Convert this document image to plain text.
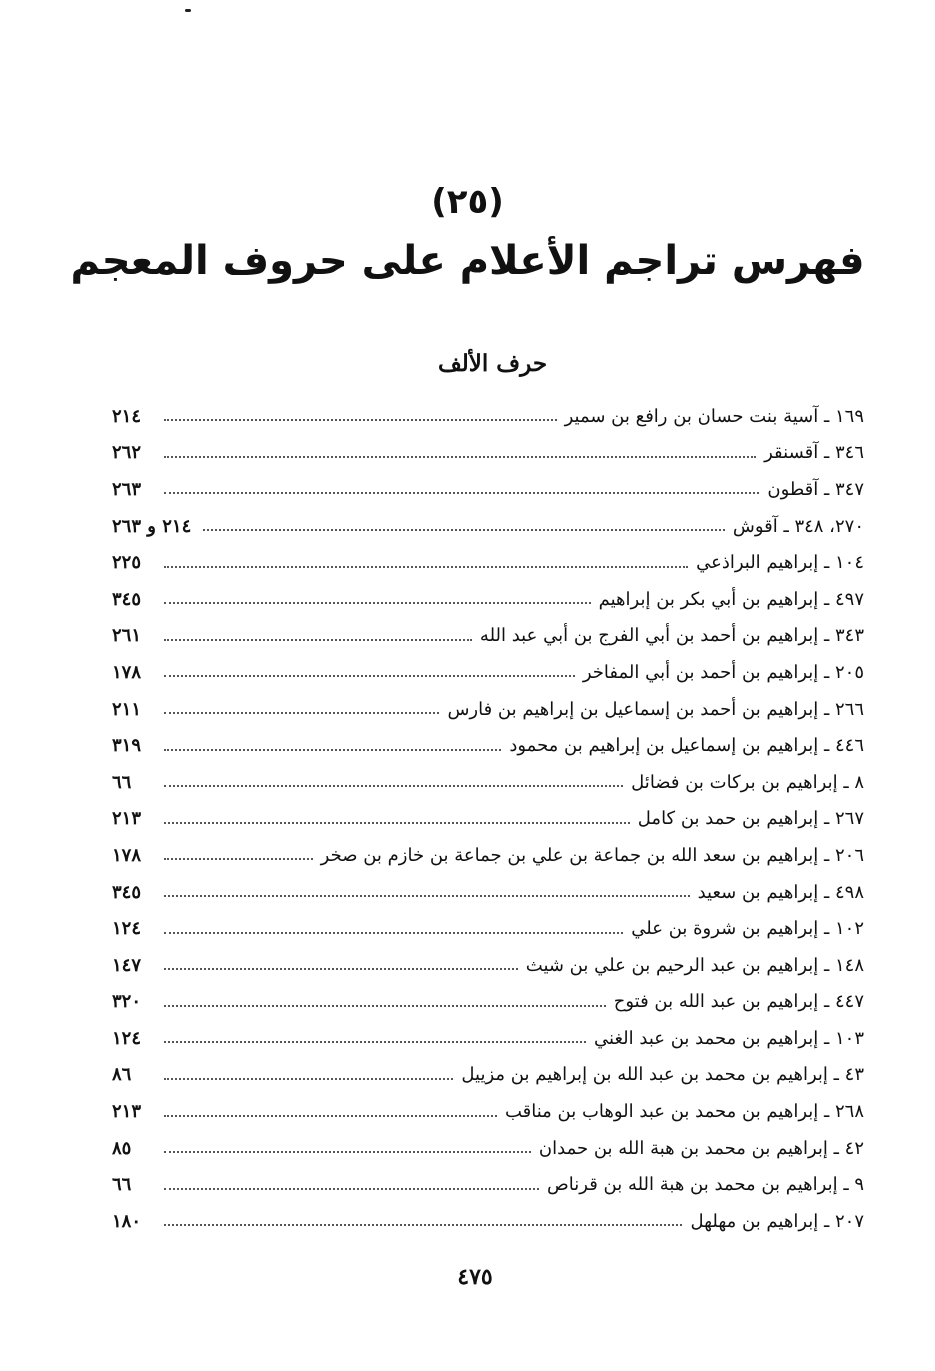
(٢٥)
فهرس تراجم الأعلام على حروف المعجم
حرف الألف
١٦٩ ـ آسية بنت حسان بن رافع بن سمير
٢١٤
٣٤٦ ـ آقسنقر
٢٦٢
٣٤٧ ـ آقطون
٢٦٣
٢٧٠، ٣٤٨ ـ آقوش
٢١٤ و ٢٦٣
١٠٤ ـ إبراهيم البراذعي
٢٢٥
٤٩٧ ـ إبراهيم بن أبي بكر بن إبراهيم
٣٤٥
٣٤٣ ـ إبراهيم بن أحمد بن أبي الفرج بن أبي عبد الله
٢٦١
٢٠٥ ـ إبراهيم بن أحمد بن أبي المفاخر
١٧٨
٢٦٦ ـ إبراهيم بن أحمد بن إسماعيل بن إبراهيم بن فارس
٢١١
٤٤٦ ـ إبراهيم بن إسماعيل بن إبراهيم بن محمود
٣١٩
٨ ـ إبراهيم بن بركات بن فضائل
٦٦
٢٦٧ ـ إبراهيم بن حمد بن كامل
٢١٣
٢٠٦ ـ إبراهيم بن سعد الله بن جماعة بن علي بن جماعة بن خازم بن صخر
١٧٨
٤٩٨ ـ إبراهيم بن سعيد
٣٤٥
١٠٢ ـ إبراهيم بن شروة بن علي
١٢٤
١٤٨ ـ إبراهيم بن عبد الرحيم بن علي بن شيث
١٤٧
٤٤٧ ـ إبراهيم بن عبد الله بن فتوح
٣٢٠
١٠٣ ـ إبراهيم بن محمد بن عبد الغني
١٢٤
٤٣ ـ إبراهيم بن محمد بن عبد الله بن إبراهيم بن مزييل
٨٦
٢٦٨ ـ إبراهيم بن محمد بن عبد الوهاب بن مناقب
٢١٣
٤٢ ـ إبراهيم بن محمد بن هبة الله بن حمدان
٨٥
٩ ـ إبراهيم بن محمد بن هبة الله بن قرناص
٦٦
٢٠٧ ـ إبراهيم بن مهلهل
١٨٠
٤٧٥
